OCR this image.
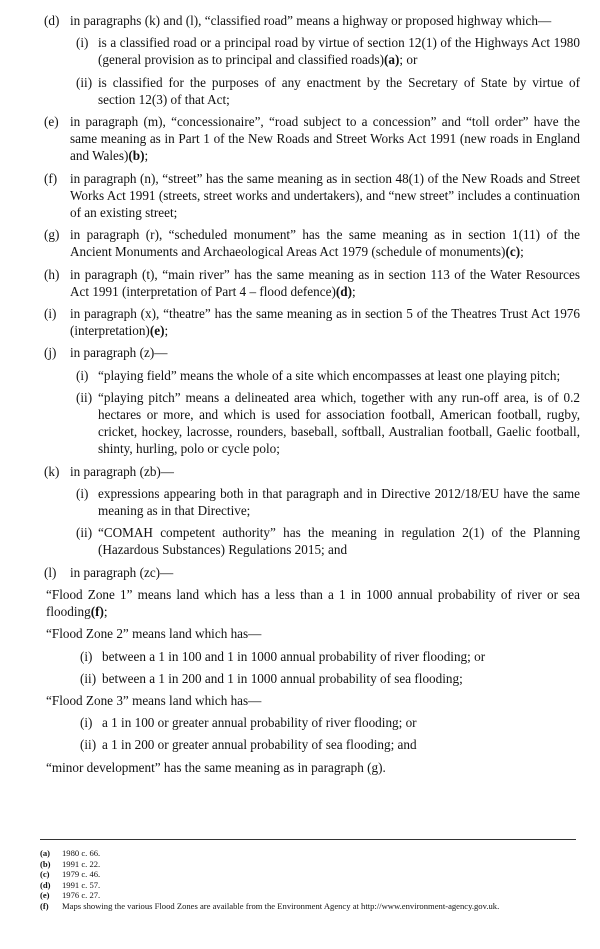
(d) in paragraphs (k) and (l), “classified road” means a highway or proposed highway which—
(i) is a classified road or a principal road by virtue of section 12(1) of the Highways Act 1980 (general provision as to principal and classified roads)(a); or
(ii) is classified for the purposes of any enactment by the Secretary of State by virtue of section 12(3) of that Act;
(e) in paragraph (m), “concessionaire”, “road subject to a concession” and “toll order” have the same meaning as in Part 1 of the New Roads and Street Works Act 1991 (new roads in England and Wales)(b);
(f) in paragraph (n), “street” has the same meaning as in section 48(1) of the New Roads and Street Works Act 1991 (streets, street works and undertakers), and “new street” includes a continuation of an existing street;
(g) in paragraph (r), “scheduled monument” has the same meaning as in section 1(11) of the Ancient Monuments and Archaeological Areas Act 1979 (schedule of monuments)(c);
(h) in paragraph (t), “main river” has the same meaning as in section 113 of the Water Resources Act 1991 (interpretation of Part 4 – flood defence)(d);
(i) in paragraph (x), “theatre” has the same meaning as in section 5 of the Theatres Trust Act 1976 (interpretation)(e);
(j) in paragraph (z)—
(i) “playing field” means the whole of a site which encompasses at least one playing pitch;
(ii) “playing pitch” means a delineated area which, together with any run-off area, is of 0.2 hectares or more, and which is used for association football, American football, rugby, cricket, hockey, lacrosse, rounders, baseball, softball, Australian football, Gaelic football, shinty, hurling, polo or cycle polo;
(k) in paragraph (zb)—
(i) expressions appearing both in that paragraph and in Directive 2012/18/EU have the same meaning as in that Directive;
(ii) “COMAH competent authority” has the meaning in regulation 2(1) of the Planning (Hazardous Substances) Regulations 2015; and
(l) in paragraph (zc)—
“Flood Zone 1” means land which has a less than a 1 in 1000 annual probability of river or sea flooding(f);
“Flood Zone 2” means land which has—
(i) between a 1 in 100 and 1 in 1000 annual probability of river flooding; or
(ii) between a 1 in 200 and 1 in 1000 annual probability of sea flooding;
“Flood Zone 3” means land which has—
(i) a 1 in 100 or greater annual probability of river flooding; or
(ii) a 1 in 200 or greater annual probability of sea flooding; and
“minor development” has the same meaning as in paragraph (g).
(a) 1980 c. 66.
(b) 1991 c. 22.
(c) 1979 c. 46.
(d) 1991 c. 57.
(e) 1976 c. 27.
(f) Maps showing the various Flood Zones are available from the Environment Agency at http://www.environment-agency.gov.uk.
